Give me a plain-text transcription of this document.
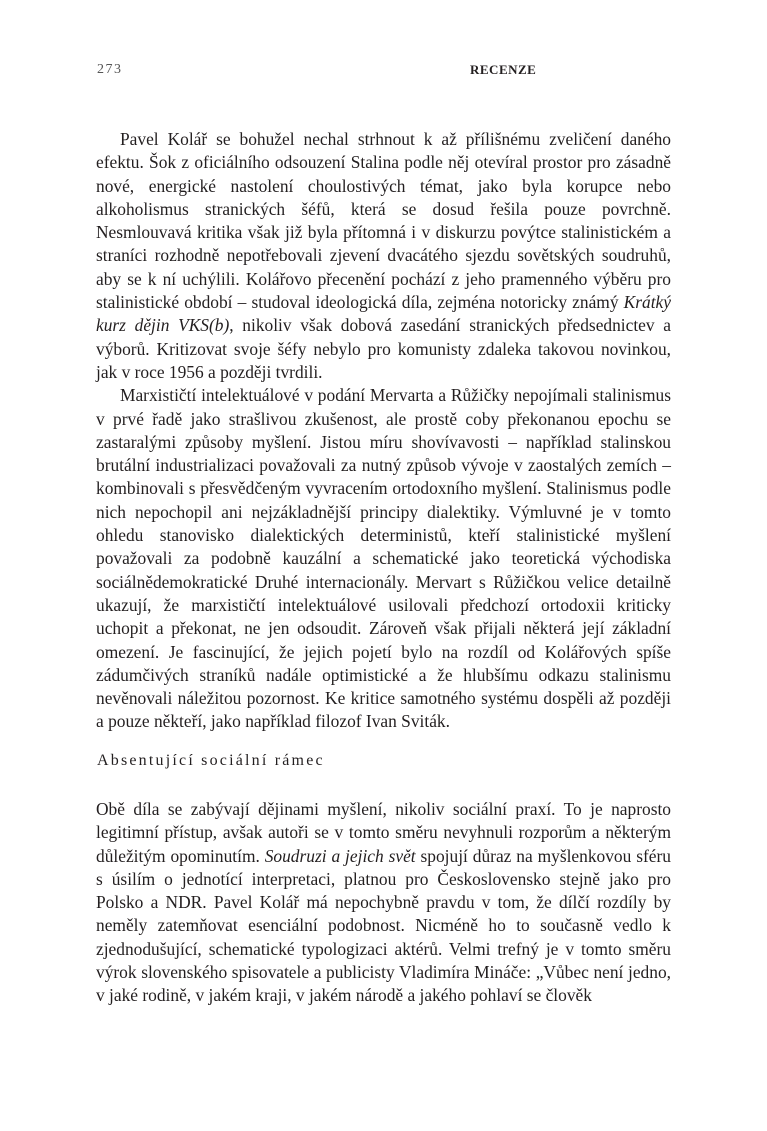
273	RECENZE

Pavel Kolář se bohužel nechal strhnout k až přílišnému zveličení daného efektu. Šok z oficiálního odsouzení Stalina podle něj otevíral prostor pro zásadně nové, energické nastolení choulostivých témat, jako byla korupce nebo alkoholismus stranických šéfů, která se dosud řešila pouze povrchně. Nesmlouvavá kritika však již byla přítomná i v diskurzu povýtce stalinistickém a straníci rozhodně nepotřebovali zjevení dvacátého sjezdu sovětských soudruhů, aby se k ní uchýlili. Kolářovo přecenění pochází z jeho pramenného výběru pro stalinistické období – studoval ideologická díla, zejména notoricky známý Krátký kurz dějin VKS(b), nikoliv však dobová zasedání stranických předsednictev a výborů. Kritizovat svoje šéfy nebylo pro komunisty zdaleka takovou novinkou, jak v roce 1956 a později tvrdili.

Marxističtí intelektuálové v podání Mervarta a Růžičky nepojímali stalinismus v prvé řadě jako strašlivou zkušenost, ale prostě coby překonanou epochu se zastaralými způsoby myšlení. Jistou míru shovívavosti – například stalinskou brutální industrializaci považovali za nutný způsob vývoje v zaostalých zemích – kombinovali s přesvědčeným vyvracením ortodoxního myšlení. Stalinismus podle nich nepochopil ani nejzákladnější principy dialektiky. Výmluvné je v tomto ohledu stanovisko dialektických deterministů, kteří stalinistické myšlení považovali za podobně kauzální a schematické jako teoretická východiska sociálnědemokratické Druhé internacionály. Mervart s Růžičkou velice detailně ukazují, že marxističtí intelektuálové usilovali předchozí ortodoxii kriticky uchopit a překonat, ne jen odsoudit. Zároveň však přijali některá její základní omezení. Je fascinující, že jejich pojetí bylo na rozdíl od Kolářových spíše zádumčivých straníků nadále optimistické a že hlubšímu odkazu stalinismu nevěnovali náležitou pozornost. Ke kritice samotného systému dospěli až později a pouze někteří, jako například filozof Ivan Sviták.

Absentující sociální rámec

Obě díla se zabývají dějinami myšlení, nikoliv sociální praxí. To je naprosto legitimní přístup, avšak autoři se v tomto směru nevyhnuli rozporům a některým důležitým opominutím. Soudruzi a jejich svět spojují důraz na myšlenkovou sféru s úsilím o jednotící interpretaci, platnou pro Československo stejně jako pro Polsko a NDR. Pavel Kolář má nepochybně pravdu v tom, že dílčí rozdíly by neměly zatemňovat esenciální podobnost. Nicméně ho to současně vedlo k zjednodušující, schematické typologizaci aktérů. Velmi trefný je v tomto směru výrok slovenského spisovatele a publicisty Vladimíra Mináče: „Vůbec není jedno, v jaké rodině, v jakém kraji, v jakém národě a jakého pohlaví se člověk
